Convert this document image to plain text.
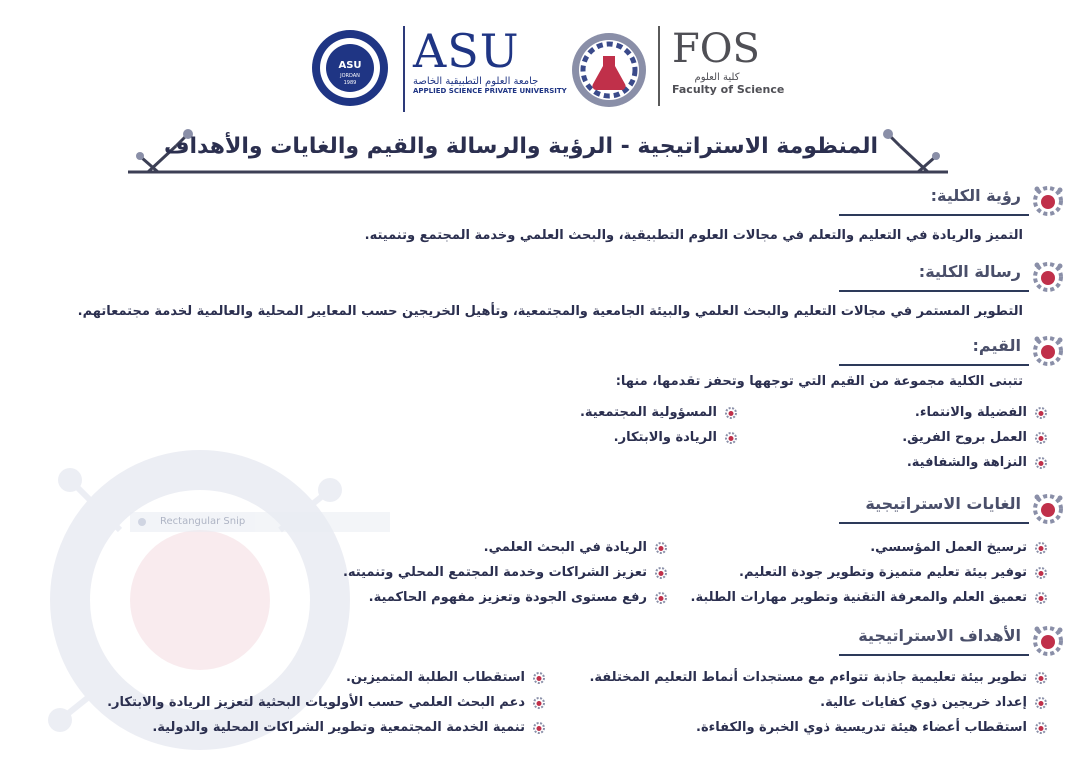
Rectangular Snip
ASU
JORDAN
1989
ASU
جامعة العلوم التطبيقية الخاصة
APPLIED SCIENCE PRIVATE UNIVERSITY
FOS
كلية العلوم
Faculty of Science
المنظومة الاستراتيجية - الرؤية والرسالة والقيم والغايات والأهداف
رؤية الكلية:
التميز والريادة في التعليم والتعلم في مجالات العلوم التطبيقية، والبحث العلمي وخدمة المجتمع وتنميته.
رسالة الكلية:
التطوير المستمر في مجالات التعليم والبحث العلمي والبيئة الجامعية والمجتمعية، وتأهيل الخريجين حسب المعايير المحلية والعالمية لخدمة مجتمعاتهم.
القيم:
تتبنى الكلية مجموعة من القيم التي توجهها وتحفز تقدمها، منها:
الفضيلة والانتماء.
العمل بروح الفريق.
النزاهة والشفافية.
المسؤولية المجتمعية.
الريادة والابتكار.
الغايات الاستراتيجية
ترسيخ العمل المؤسسي.
توفير بيئة تعليم متميزة وتطوير جودة التعليم.
تعميق العلم والمعرفة التقنية وتطوير مهارات الطلبة.
الريادة في البحث العلمي.
تعزيز الشراكات وخدمة المجتمع المحلي وتنميته.
رفع مستوى الجودة وتعزيز مفهوم الحاكمية.
الأهداف الاستراتيجية
تطوير بيئة تعليمية جاذبة تتواءم مع مستجدات أنماط التعليم المختلفة.
إعداد خريجين ذوي كفايات عالية.
استقطاب أعضاء هيئة تدريسية ذوي الخبرة والكفاءة.
استقطاب الطلبة المتميزين.
دعم البحث العلمي حسب الأولويات البحثية لتعزيز الريادة والابتكار.
تنمية الخدمة المجتمعية وتطوير الشراكات المحلية والدولية.
